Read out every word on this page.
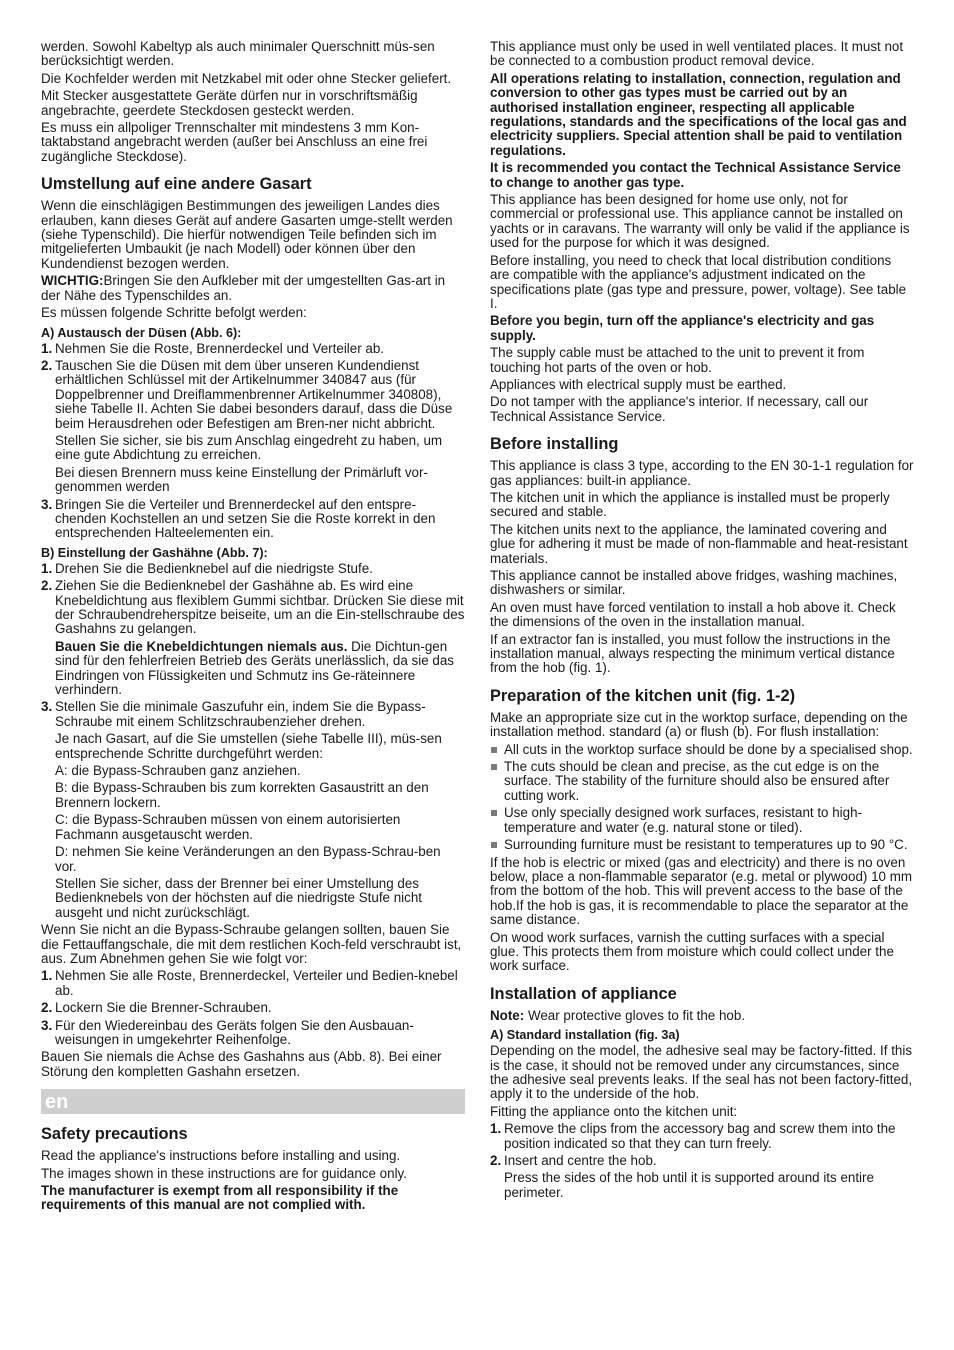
werden. Sowohl Kabeltyp als auch minimaler Querschnitt müs-sen berücksichtigt werden.

Die Kochfelder werden mit Netzkabel mit oder ohne Stecker geliefert.

Mit Stecker ausgestattete Geräte dürfen nur in vorschriftsmäßig angebrachte, geerdete Steckdosen gesteckt werden.

Es muss ein allpoliger Trennschalter mit mindestens 3 mm Kon-taktabstand angebracht werden (außer bei Anschluss an eine frei zugängliche Steckdose).

Umstellung auf eine andere Gasart

Wenn die einschlägigen Bestimmungen des jeweiligen Landes dies erlauben, kann dieses Gerät auf andere Gasarten umge-stellt werden (siehe Typenschild). Die hierfür notwendigen Teile befinden sich im mitgelieferten Umbaukit (je nach Modell) oder können über den Kundendienst bezogen werden.

WICHTIG:Bringen Sie den Aufkleber mit der umgestellten Gas-art in der Nähe des Typenschildes an.

Es müssen folgende Schritte befolgt werden:

A) Austausch der Düsen (Abb. 6):

1. Nehmen Sie die Roste, Brennerdeckel und Verteiler ab.

2. Tauschen Sie die Düsen mit dem über unseren Kundendienst erhältlichen Schlüssel mit der Artikelnummer 340847 aus (für Doppelbrenner und Dreiflammenbrenner Artikelnummer 340808), siehe Tabelle II. Achten Sie dabei besonders darauf, dass die Düse beim Herausdrehen oder Befestigen am Bren-ner nicht abbricht.

Stellen Sie sicher, sie bis zum Anschlag eingedreht zu haben, um eine gute Abdichtung zu erreichen.

Bei diesen Brennern muss keine Einstellung der Primärluft vor-genommen werden

3. Bringen Sie die Verteiler und Brennerdeckel auf den entspre-chenden Kochstellen an und setzen Sie die Roste korrekt in den entsprechenden Halteelementen ein.

B) Einstellung der Gashähne (Abb. 7):

1. Drehen Sie die Bedienknebel auf die niedrigste Stufe.

2. Ziehen Sie die Bedienknebel der Gashähne ab. Es wird eine Knebeldichtung aus flexiblem Gummi sichtbar. Drücken Sie diese mit der Schraubendreherspitze beiseite, um an die Ein-stellschraube des Gashahns zu gelangen.

Bauen Sie die Knebeldichtungen niemals aus. Die Dichtun-gen sind für den fehlerfreien Betrieb des Geräts unerlässlich, da sie das Eindringen von Flüssigkeiten und Schmutz ins Ge-räteinnere verhindern.

3. Stellen Sie die minimale Gaszufuhr ein, indem Sie die Bypass-Schraube mit einem Schlitzschraubenzieher drehen.

Je nach Gasart, auf die Sie umstellen (siehe Tabelle III), müs-sen entsprechende Schritte durchgeführt werden:

A: die Bypass-Schrauben ganz anziehen.

B: die Bypass-Schrauben bis zum korrekten Gasaustritt an den Brennern lockern.

C: die Bypass-Schrauben müssen von einem autorisierten Fachmann ausgetauscht werden.

D: nehmen Sie keine Veränderungen an den Bypass-Schrau-ben vor.

Stellen Sie sicher, dass der Brenner bei einer Umstellung des Bedienknebels von der höchsten auf die niedrigste Stufe nicht ausgeht und nicht zurückschlägt.

Wenn Sie nicht an die Bypass-Schraube gelangen sollten, bauen Sie die Fettauffangschale, die mit dem restlichen Koch-feld verschraubt ist, aus. Zum Abnehmen gehen Sie wie folgt vor:

1. Nehmen Sie alle Roste, Brennerdeckel, Verteiler und Bedien-knebel ab.

2. Lockern Sie die Brenner-Schrauben.

3. Für den Wiedereinbau des Geräts folgen Sie den Ausbauan-weisungen in umgekehrter Reihenfolge.

Bauen Sie niemals die Achse des Gashahns aus (Abb. 8). Bei einer Störung den kompletten Gashahn ersetzen.

en
Safety precautions

Read the appliance's instructions before installing and using.

The images shown in these instructions are for guidance only.

The manufacturer is exempt from all responsibility if the requirements of this manual are not complied with.

This appliance must only be used in well ventilated places. It must not be connected to a combustion product removal device.

All operations relating to installation, connection, regulation and conversion to other gas types must be carried out by an authorised installation engineer, respecting all applicable regulations, standards and the specifications of the local gas and electricity suppliers. Special attention shall be paid to ventilation regulations.

It is recommended you contact the Technical Assistance Service to change to another gas type.

This appliance has been designed for home use only, not for commercial or professional use. This appliance cannot be installed on yachts or in caravans. The warranty will only be valid if the appliance is used for the purpose for which it was designed.

Before installing, you need to check that local distribution conditions are compatible with the appliance's adjustment indicated on the specifications plate (gas type and pressure, power, voltage). See table I.

Before you begin, turn off the appliance's electricity and gas supply.

The supply cable must be attached to the unit to prevent it from touching hot parts of the oven or hob.

Appliances with electrical supply must be earthed.

Do not tamper with the appliance's interior. If necessary, call our Technical Assistance Service.

Before installing

This appliance is class 3 type, according to the EN 30-1-1 regulation for gas appliances: built-in appliance.

The kitchen unit in which the appliance is installed must be properly secured and stable.

The kitchen units next to the appliance, the laminated covering and glue for adhering it must be made of non-flammable and heat-resistant materials.

This appliance cannot be installed above fridges, washing machines, dishwashers or similar.

An oven must have forced ventilation to install a hob above it. Check the dimensions of the oven in the installation manual.

If an extractor fan is installed, you must follow the instructions in the installation manual, always respecting the minimum vertical distance from the hob (fig. 1).

Preparation of the kitchen unit (fig. 1-2)

Make an appropriate size cut in the worktop surface, depending on the installation method. standard (a) or flush (b). For flush installation:

All cuts in the worktop surface should be done by a specialised shop.

The cuts should be clean and precise, as the cut edge is on the surface. The stability of the furniture should also be ensured after cutting work.

Use only specially designed work surfaces, resistant to high-temperature and water (e.g. natural stone or tiled).

Surrounding furniture must be resistant to temperatures up to 90 °C.

If the hob is electric or mixed (gas and electricity) and there is no oven below, place a non-flammable separator (e.g. metal or plywood) 10 mm from the bottom of the hob. This will prevent access to the base of the hob.If the hob is gas, it is recommendable to place the separator at the same distance.

On wood work surfaces, varnish the cutting surfaces with a special glue. This protects them from moisture which could collect under the work surface.

Installation of appliance

Note: Wear protective gloves to fit the hob.

A) Standard installation (fig. 3a)

Depending on the model, the adhesive seal may be factory-fitted. If this is the case, it should not be removed under any circumstances, since the adhesive seal prevents leaks. If the seal has not been factory-fitted, apply it to the underside of the hob.

Fitting the appliance onto the kitchen unit:

1. Remove the clips from the accessory bag and screw them into the position indicated so that they can turn freely.

2. Insert and centre the hob.

Press the sides of the hob until it is supported around its entire perimeter.
